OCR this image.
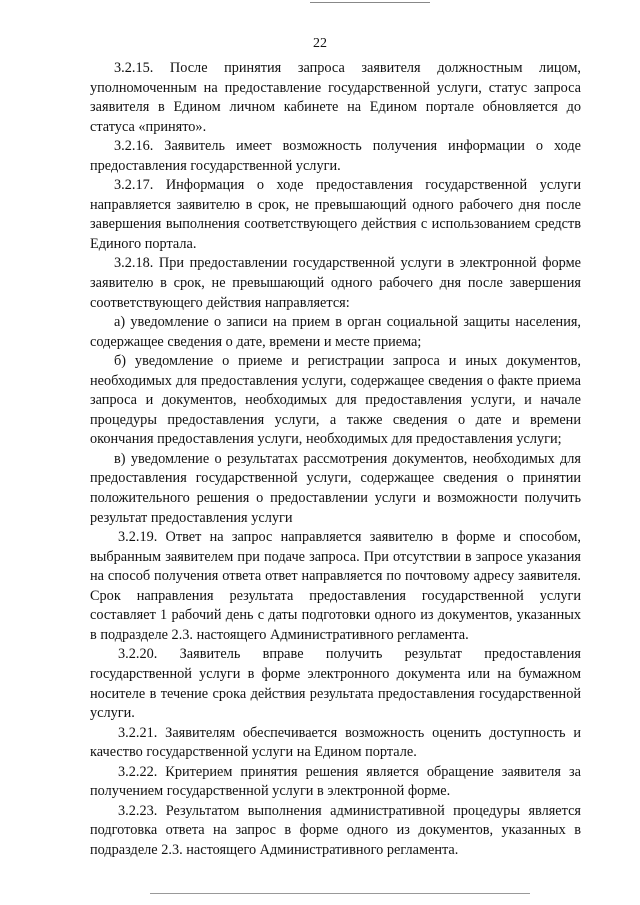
22

3.2.15. После принятия запроса заявителя должностным лицом, уполномоченным на предоставление государственной услуги, статус запроса заявителя в Едином личном кабинете на Едином портале обновляется до статуса «принято».

3.2.16. Заявитель имеет возможность получения информации о ходе предоставления государственной услуги.

3.2.17. Информация о ходе предоставления государственной услуги направляется заявителю в срок, не превышающий одного рабочего дня после завершения выполнения соответствующего действия с использованием средств Единого портала.

3.2.18. При предоставлении государственной услуги в электронной форме заявителю в срок, не превышающий одного рабочего дня после завершения соответствующего действия направляется:

а) уведомление о записи на прием в орган социальной защиты населения, содержащее сведения о дате, времени и месте приема;

б) уведомление о приеме и регистрации запроса и иных документов, необходимых для предоставления услуги, содержащее сведения о факте приема запроса и документов, необходимых для предоставления услуги, и начале процедуры предоставления услуги, а также сведения о дате и времени окончания предоставления услуги, необходимых для предоставления услуги;

в) уведомление о результатах рассмотрения документов, необходимых для предоставления государственной услуги, содержащее сведения о принятии положительного решения о предоставлении услуги и возможности получить результат предоставления услуги

3.2.19. Ответ на запрос направляется заявителю в форме и способом, выбранным заявителем при подаче запроса. При отсутствии в запросе указания на способ получения ответа ответ направляется по почтовому адресу заявителя. Срок направления результата предоставления государственной услуги составляет 1 рабочий день с даты подготовки одного из документов, указанных в подразделе 2.3. настоящего Административного регламента.

3.2.20. Заявитель вправе получить результат предоставления государственной услуги в форме электронного документа или на бумажном носителе в течение срока действия результата предоставления государственной услуги.

3.2.21. Заявителям обеспечивается возможность оценить доступность и качество государственной услуги на Едином портале.

3.2.22. Критерием принятия решения является обращение заявителя за получением государственной услуги в электронной форме.

3.2.23. Результатом выполнения административной процедуры является подготовка ответа на запрос в форме одного из документов, указанных в подразделе 2.3. настоящего Административного регламента.
